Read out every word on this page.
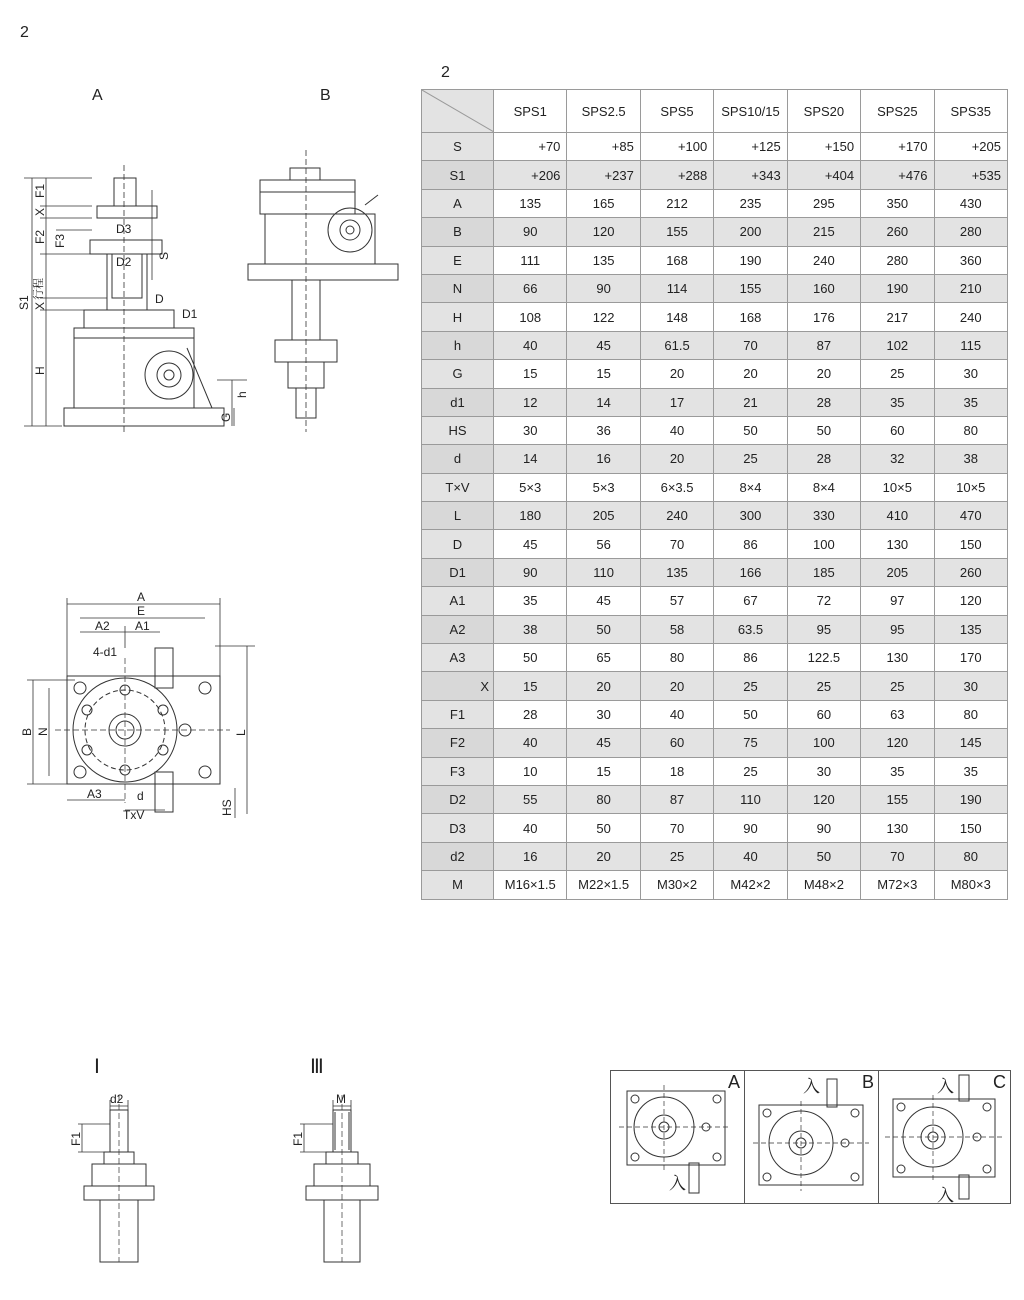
2
2
A	B
S1
行程
F1
X
F2 F3
X
D3
D2 S
D
D1
H
h
G
A
E
A2 A1
4-d1
B N	L
A3	d
TxV	HS
	SPS1	SPS2.5	SPS5	SPS10/15	SPS20	SPS25	SPS35
S	+70	+85	+100	+125	+150	+170	+205
S1	+206	+237	+288	+343	+404	+476	+535
A	135	165	212	235	295	350	430
B	90	120	155	200	215	260	280
E	111	135	168	190	240	280	360
N	66	90	114	155	160	190	210
H	108	122	148	168	176	217	240
h	40	45	61.5	70	87	102	115
G	15	15	20	20	20	25	30
d1	12	14	17	21	28	35	35
HS	30	36	40	50	50	60	80
d	14	16	20	25	28	32	38
T×V	5×3	5×3	6×3.5	8×4	8×4	10×5	10×5
L	180	205	240	300	330	410	470
D	45	56	70	86	100	130	150
D1	90	110	135	166	185	205	260
A1	35	45	57	67	72	97	120
A2	38	50	58	63.5	95	95	135
A3	50	65	80	86	122.5	130	170
X	15	20	20	25	25	25	30
F1	28	30	40	50	60	63	80
F2	40	45	60	75	100	120	145
F3	10	15	18	25	30	35	35
D2	55	80	87	110	120	155	190
D3	40	50	70	90	90	130	150
d2	16	20	25	40	50	70	80
M	M16×1.5	M22×1.5	M30×2	M42×2	M48×2	M72×3	M80×3
Ⅰ
d2
F1
Ⅲ
M
F1
A
入
B
入	C
入
入
